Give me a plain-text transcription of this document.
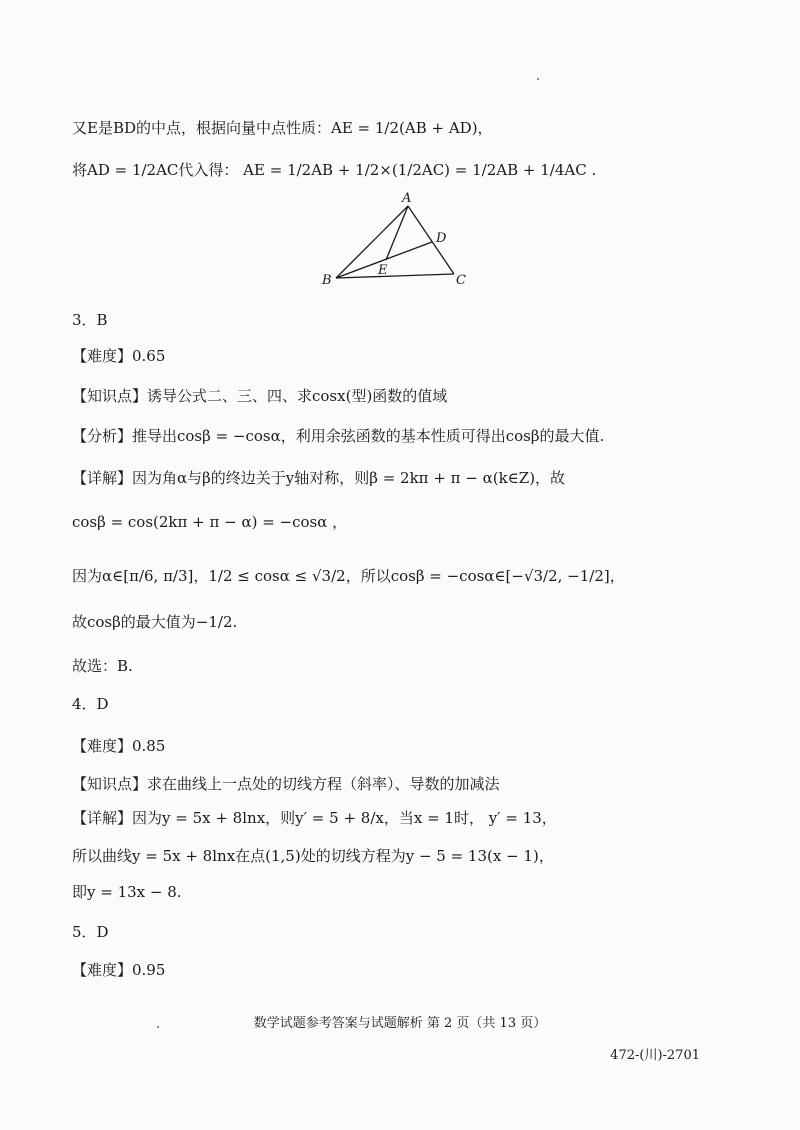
又E是BD的中点，根据向量中点性质：AE = 1/2(AB + AD)，
将AD = 1/2AC代入得： AE = 1/2AB + 1/2×(1/2AC) = 1/2AB + 1/4AC .
A
B	C
D
E
3．B
【难度】0.65
【知识点】诱导公式二、三、四、求cosx(型)函数的值域
【分析】推导出cosβ = −cosα，利用余弦函数的基本性质可得出cosβ的最大值.
【详解】因为角α与β的终边关于y轴对称，则β = 2kπ + π − α(k∈Z)，故
cosβ = cos(2kπ + π − α) = −cosα ，
因为α∈[π/6, π/3]，1/2 ≤ cosα ≤ √3/2，所以cosβ = −cosα∈[−√3/2, −1/2]，
故cosβ的最大值为−1/2.
故选：B.
4．D
【难度】0.85
【知识点】求在曲线上一点处的切线方程（斜率）、导数的加减法
【详解】因为y = 5x + 8lnx，则y′ = 5 + 8/x，当x = 1时， y′ = 13，
所以曲线y = 5x + 8lnx在点(1,5)处的切线方程为y − 5 = 13(x − 1)，
即y = 13x − 8.
5．D
【难度】0.95
数学试题参考答案与试题解析 第 2 页（共 13 页）
472-(川)-2701
